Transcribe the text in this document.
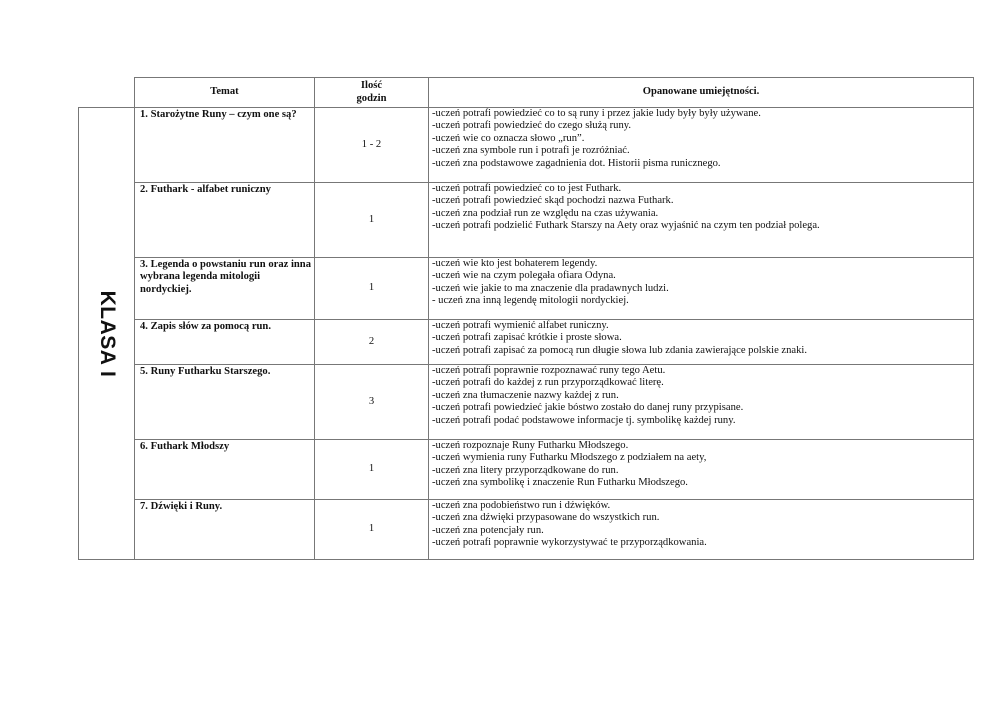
	Temat	Ilość
godzin	Opanowane umiejętności.

KLASA I	1. Starożytne Runy – czym one są?	1 - 2	-uczeń potrafi powiedzieć co to są runy i przez jakie ludy były były używane.
-uczeń potrafi powiedzieć do czego służą runy.
-uczeń wie co oznacza słowo „run”.
-uczeń zna symbole run i potrafi je rozróżniać.
-uczeń zna podstawowe zagadnienia dot. Historii pisma runicznego.

	2. Futhark - alfabet runiczny	1	-uczeń potrafi powiedzieć co to jest Futhark.
-uczeń potrafi powiedzieć skąd pochodzi nazwa Futhark.
-uczeń zna podział run ze względu na czas używania.
-uczeń potrafi podzielić Futhark Starszy na Aety oraz wyjaśnić na czym ten podział polega.

	3. Legenda o powstaniu run oraz inna wybrana legenda mitologii nordyckiej.	1	-uczeń wie kto jest bohaterem legendy.
-uczeń wie na czym polegała ofiara Odyna.
-uczeń wie jakie to ma znaczenie dla pradawnych ludzi.
- uczeń zna inną legendę mitologii nordyckiej.

	4. Zapis słów za pomocą run.	2	-uczeń potrafi wymienić alfabet runiczny.
-uczeń potrafi zapisać krótkie i proste słowa.
-uczeń potrafi zapisać za pomocą run długie słowa lub zdania zawierające polskie znaki.

	5. Runy Futharku Starszego.	3	-uczeń potrafi poprawnie rozpoznawać runy tego Aetu.
-uczeń potrafi do każdej z run przyporządkować literę.
-uczeń zna tłumaczenie nazwy każdej z run.
-uczeń potrafi powiedzieć jakie bóstwo zostało do danej runy przypisane.
-uczeń potrafi podać podstawowe informacje tj. symbolikę każdej runy.

	6. Futhark Młodszy	1	-uczeń rozpoznaje Runy Futharku Młodszego.
-uczeń wymienia runy Futharku Młodszego z podziałem na aety,
-uczeń zna litery przyporządkowane do run.
-uczeń zna symbolikę i znaczenie Run Futharku Młodszego.

	7. Dźwięki i Runy.	1	-uczeń zna podobieństwo run i dźwięków.
-uczeń zna dźwięki przypasowane do wszystkich run.
-uczeń zna potencjały run.
-uczeń potrafi poprawnie wykorzystywać te przyporządkowania.
